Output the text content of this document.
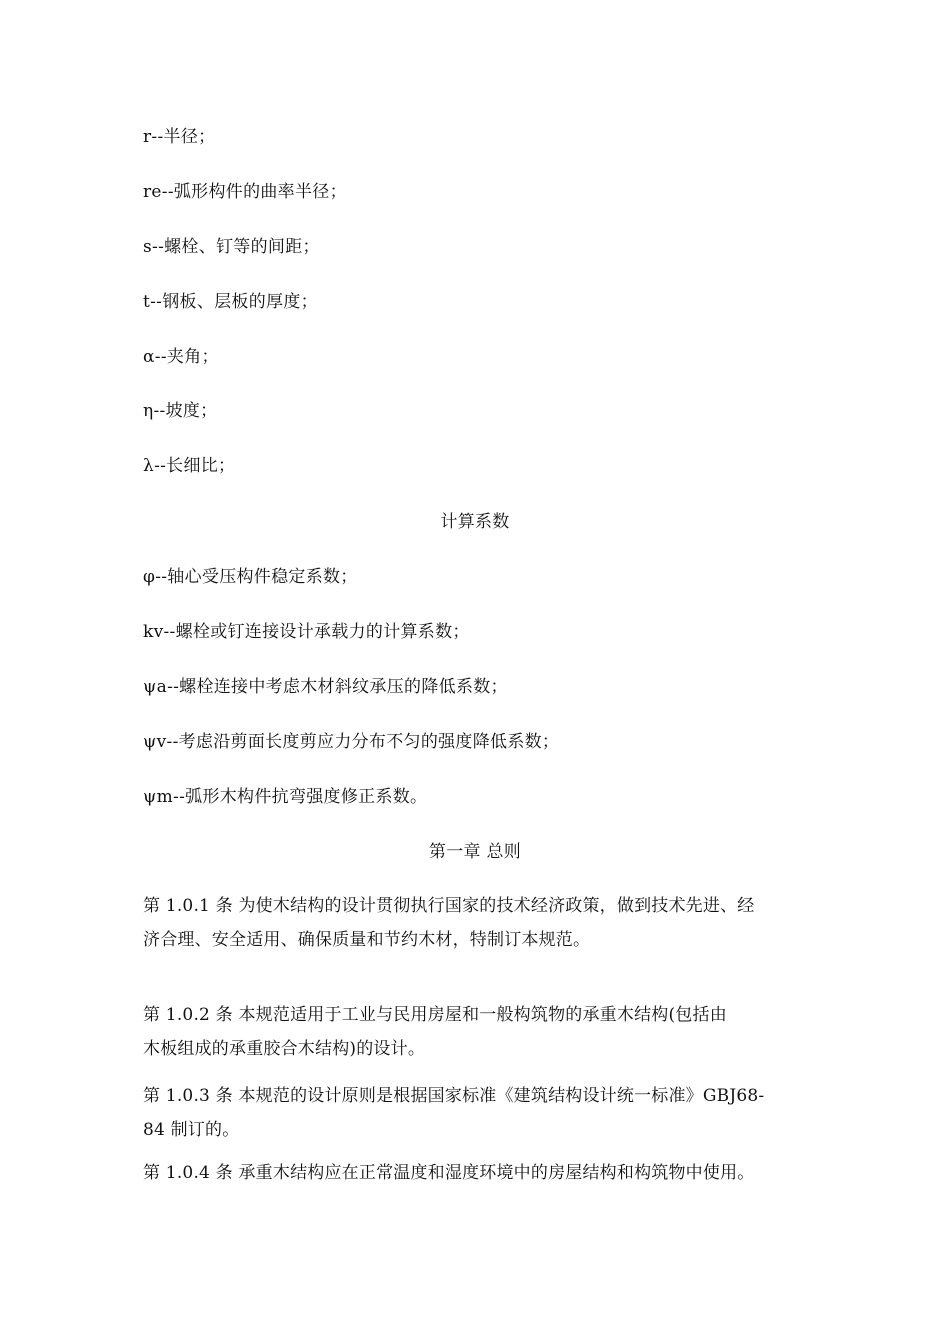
r--半径；
re--弧形构件的曲率半径；
s--螺栓、钉等的间距；
t--钢板、层板的厚度；
α--夹角；
η--坡度；
λ--长细比；
计算系数
φ--轴心受压构件稳定系数；
kv--螺栓或钉连接设计承载力的计算系数；
ψa--螺栓连接中考虑木材斜纹承压的降低系数；
ψv--考虑沿剪面长度剪应力分布不匀的强度降低系数；
ψm--弧形木构件抗弯强度修正系数。
第一章 总则
第 1.0.1 条 为使木结构的设计贯彻执行国家的技术经济政策，做到技术先进、经
济合理、安全适用、确保质量和节约木材，特制订本规范。
第 1.0.2 条 本规范适用于工业与民用房屋和一般构筑物的承重木结构(包括由
木板组成的承重胶合木结构)的设计。
第 1.0.3 条 本规范的设计原则是根据国家标准《建筑结构设计统一标准》GBJ68-
84 制订的。
第 1.0.4 条 承重木结构应在正常温度和湿度环境中的房屋结构和构筑物中使用。
